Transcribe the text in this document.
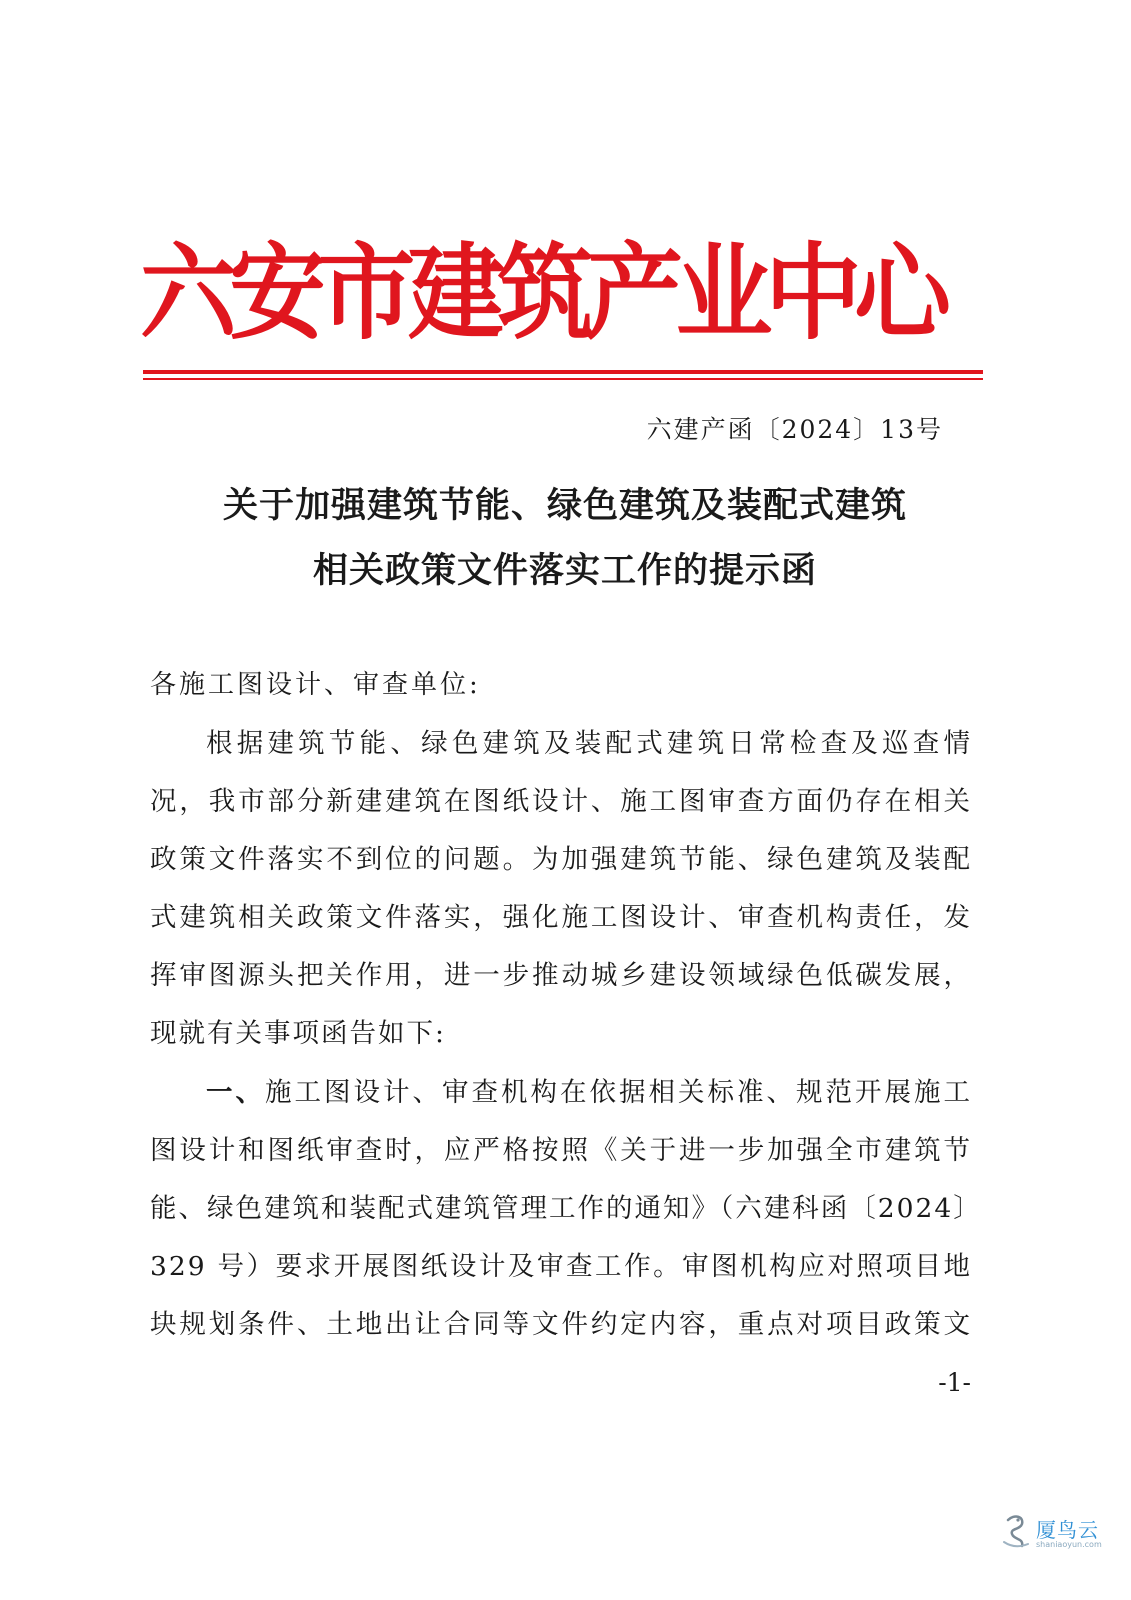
六安市建筑产业中心
六建产函〔2024〕13号
关于加强建筑节能、绿色建筑及装配式建筑
相关政策文件落实工作的提示函
各施工图设计、审查单位:
根据建筑节能、绿色建筑及装配式建筑日常检查及巡查情
况，我市部分新建建筑在图纸设计、施工图审查方面仍存在相关
政策文件落实不到位的问题。为加强建筑节能、绿色建筑及装配
式建筑相关政策文件落实，强化施工图设计、审查机构责任，发
挥审图源头把关作用，进一步推动城乡建设领域绿色低碳发展，
现就有关事项函告如下:
一、施工图设计、审查机构在依据相关标准、规范开展施工
图设计和图纸审查时，应严格按照《关于进一步加强全市建筑节
能、绿色建筑和装配式建筑管理工作的通知》（六建科函〔2024〕
329 号）要求开展图纸设计及审查工作。审图机构应对照项目地
块规划条件、土地出让合同等文件约定内容，重点对项目政策文
-1-
厦鸟云
shaniaoyun.com
